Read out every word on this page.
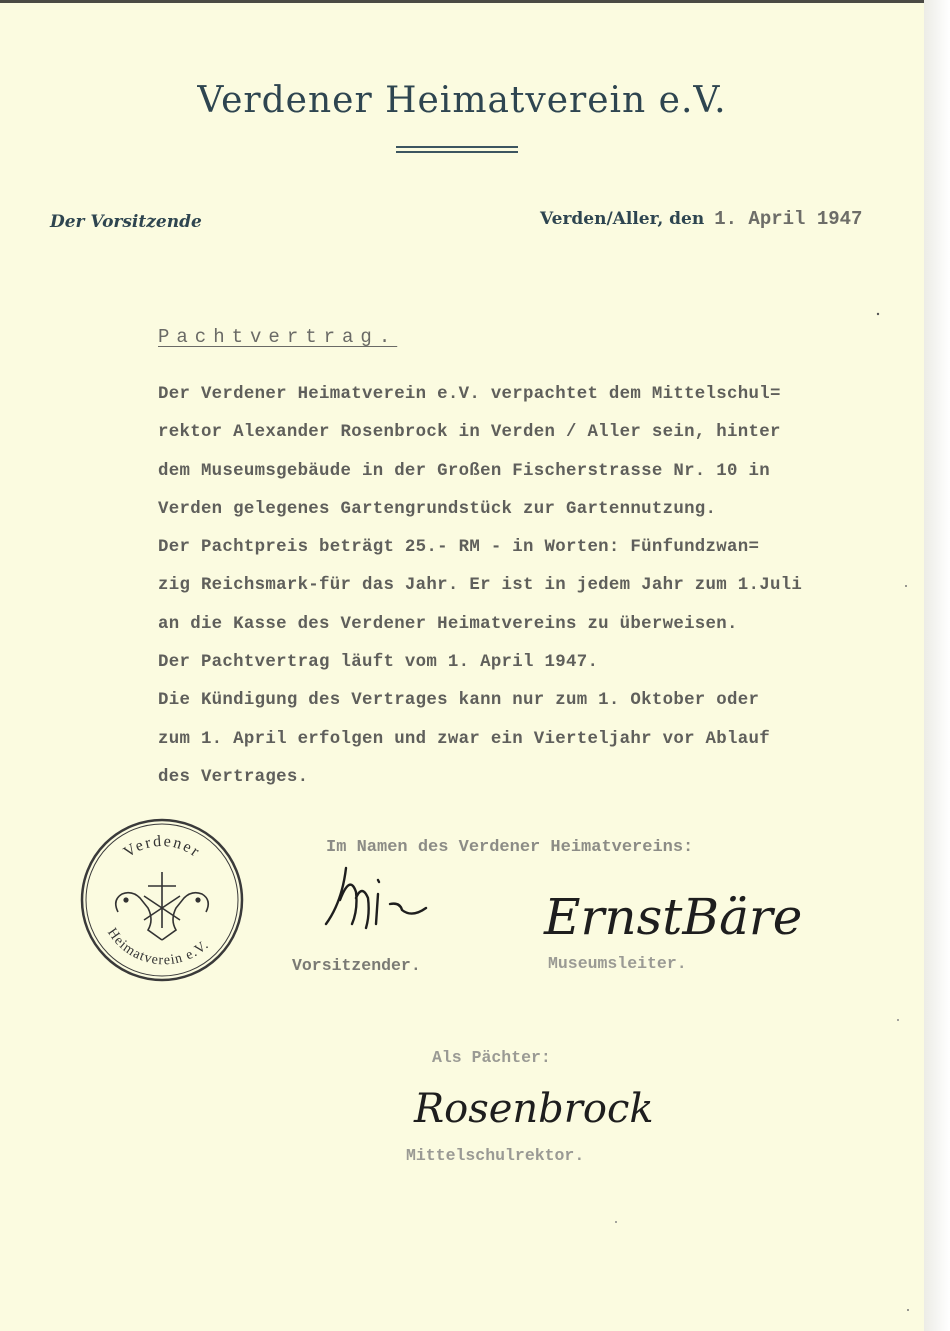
Verdener Heimatverein e.V.
Der Vorsitzende	Verden/Aller, den 1. April 1947
Pachtvertrag.
Der Verdener Heimatverein e.V. verpachtet dem Mittelschul=
rektor Alexander Rosenbrock in Verden / Aller sein, hinter
dem Museumsgebäude in der Großen Fischerstrasse Nr. 10 in
Verden gelegenes Gartengrundstück zur Gartennutzung.
Der Pachtpreis beträgt 25.- RM - in Worten: Fünfundzwan=
zig Reichsmark-für das Jahr. Er ist in jedem Jahr zum 1.Juli
an die Kasse des Verdener Heimatvereins zu überweisen.
Der Pachtvertrag läuft vom 1. April 1947.
Die Kündigung des Vertrages kann nur zum 1. Oktober oder
zum 1. April erfolgen und zwar ein Vierteljahr vor Ablauf
des Vertrages.
Verdener
Heimatverein e.V.
Im Namen des Verdener Heimatvereins:
ErnstBäre
Vorsitzender.	Museumsleiter.
Als Pächter:
Rosenbrock
Mittelschulrektor.
